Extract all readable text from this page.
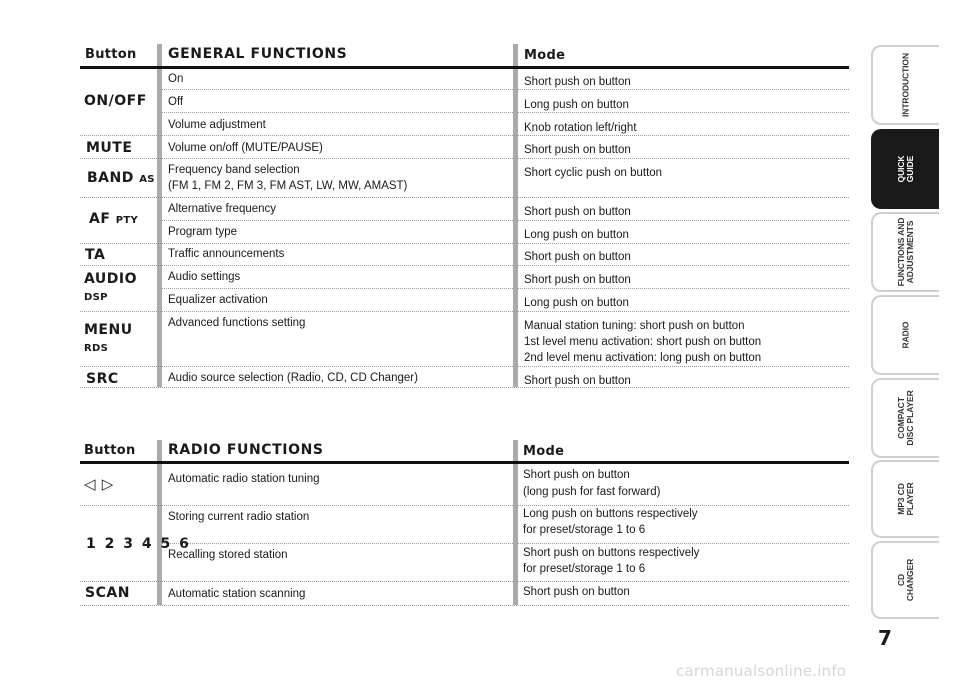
Button GENERAL FUNCTIONS	Mode
ON/OFF
MUTE
BAND AS
AF PTY
TA
AUDIO
DSP
MENU
RDS
SRC
On
Off
Volume adjustment
Volume on/off (MUTE/PAUSE)
Frequency band selection
(FM 1, FM 2, FM 3, FM AST, LW, MW, AMAST)
Alternative frequency
Program type
Traffic announcements
Audio settings
Equalizer activation
Advanced functions setting
Audio source selection (Radio, CD, CD Changer)
Short push on button
Long push on button
Knob rotation left/right
Short push on button
Short cyclic push on button
Short push on button
Long push on button
Short push on button
Short push on button
Long push on button
Manual station tuning: short push on button
1st level menu activation: short push on button
2nd level menu activation: long push on button
Short push on button
Button RADIO FUNCTIONS	Mode
◁ ▷
1 2 3 4 5 6
SCAN
Automatic radio station tuning
Storing current radio station
Recalling stored station
Automatic station scanning
Short push on button
(long push for fast forward)
Long push on buttons respectively
for preset/storage 1 to 6
Short push on buttons respectively
for preset/storage 1 to 6
Short push on button
INTRODUCTION
QUICK
GUIDE
FUNCTIONS AND
ADJUSTMENTS
RADIO
COMPACT
DISC PLAYER
MP3 CD
PLAYER
CD
CHANGER
7
carmanualsonline.info
